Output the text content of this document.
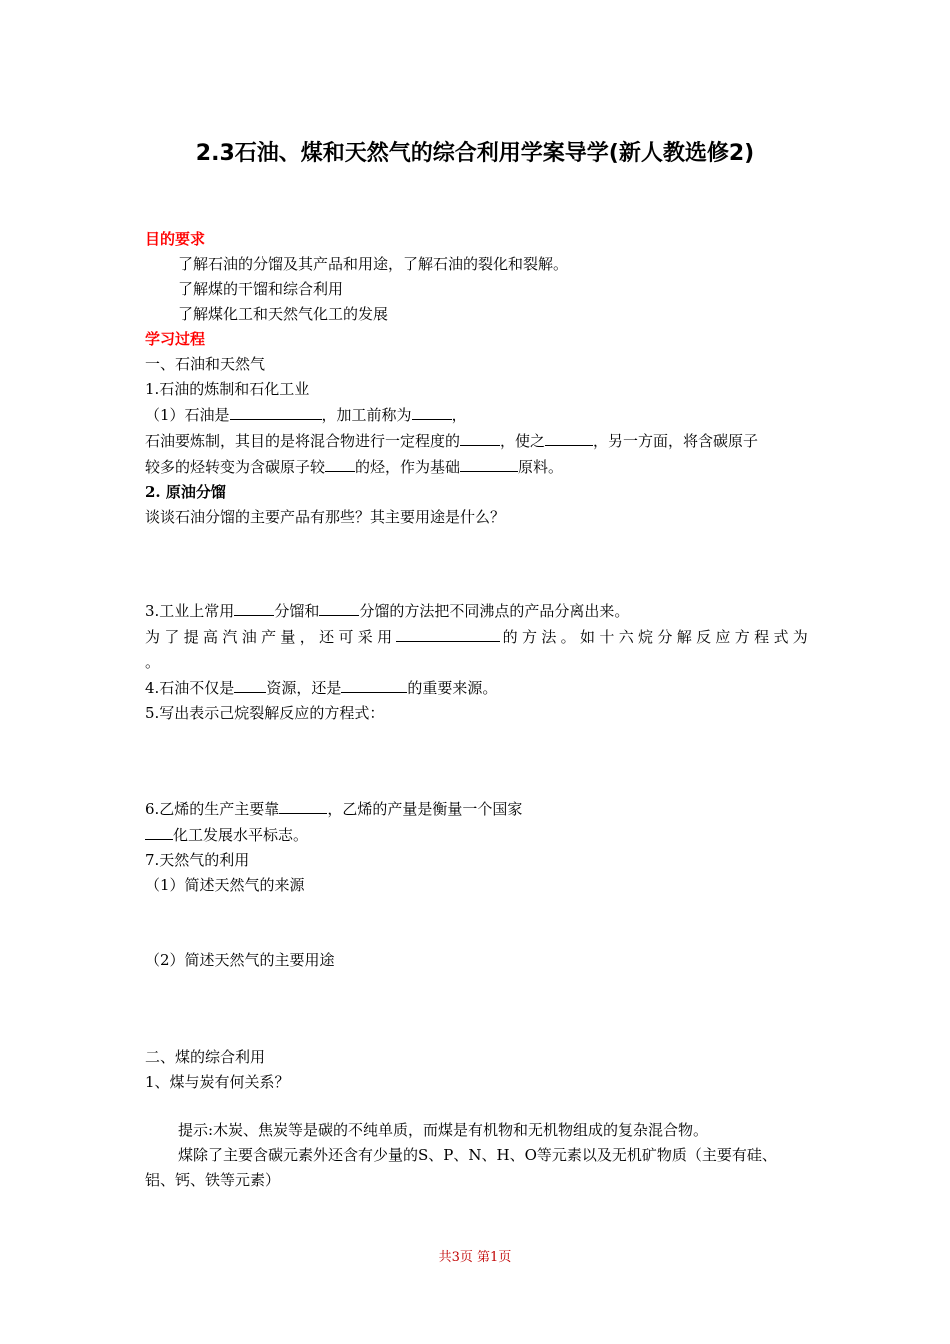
2.3石油、煤和天然气的综合利用学案导学(新人教选修2)
目的要求
了解石油的分馏及其产品和用途，了解石油的裂化和裂解。
了解煤的干馏和综合利用
了解煤化工和天然气化工的发展
学习过程
一、石油和天然气
1.石油的炼制和石化工业
（1）石油是	，加工前称为	，
石油要炼制，其目的是将混合物进行一定程度的	，使之	，另一方面，将含碳原子
较多的烃转变为含碳原子较 的烃，作为基础	原料。
2. 原油分馏
谈谈石油分馏的主要产品有那些？其主要用途是什么？
3.工业上常用	分馏和	分馏的方法把不同沸点的产品分离出来。
为了提高汽油产量，还可采用	的方法。如十六烷分解反应方程式为
。
4.石油不仅是 资源，还是	的重要来源。
5.写出表示己烷裂解反应的方程式：
6.乙烯的生产主要靠	，乙烯的产量是衡量一个国家
化工发展水平标志。
7.天然气的利用
（1）简述天然气的来源
（2）简述天然气的主要用途
二、煤的综合利用
1、煤与炭有何关系？
提示:木炭、焦炭等是碳的不纯单质，而煤是有机物和无机物组成的复杂混合物。
煤除了主要含碳元素外还含有少量的S、P、N、H、O等元素以及无机矿物质（主要有硅、
铝、钙、铁等元素）
共3页 第1页
